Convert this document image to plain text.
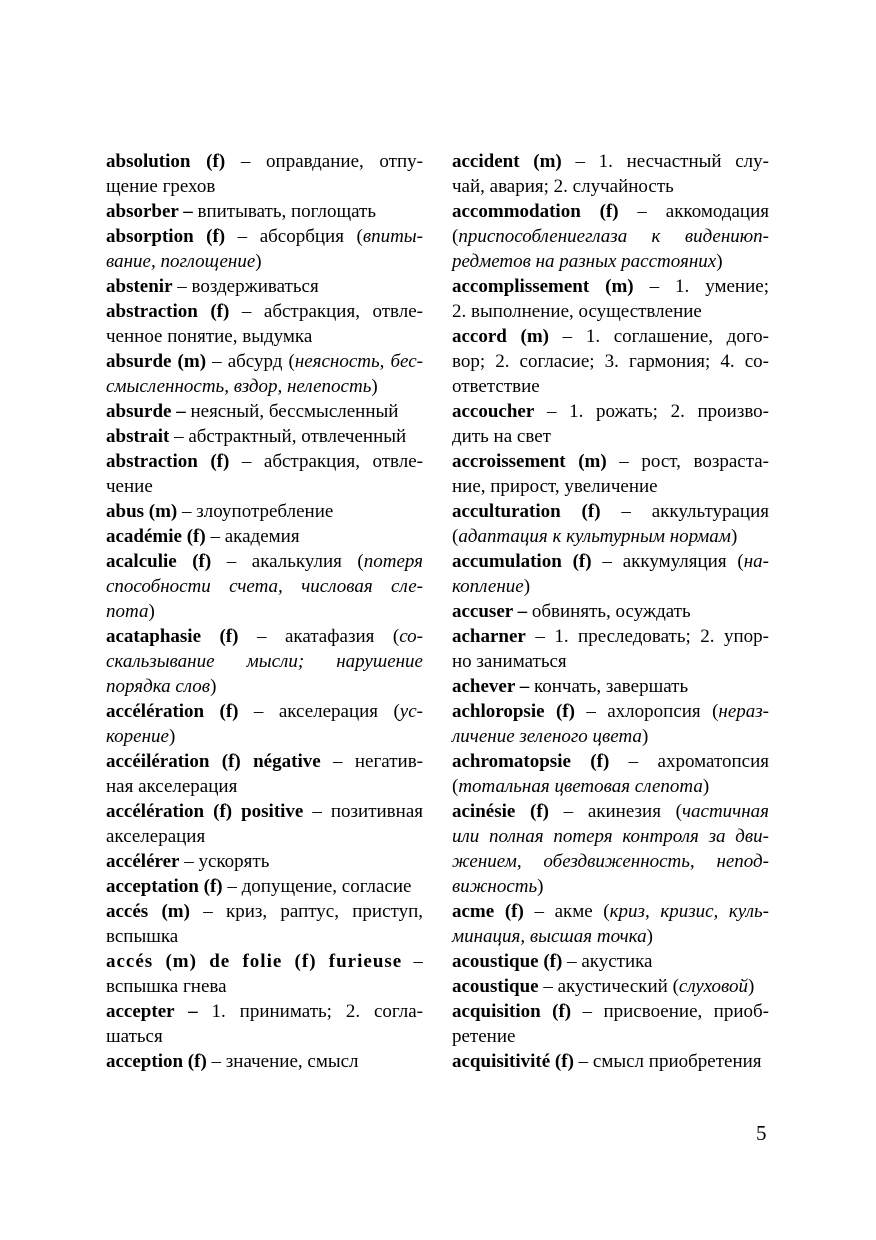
absolution (f) – оправдание, отпу-
щение грехов
absorber – впитывать, поглощать
absorption (f) – абсорбция (впиты-
вание, поглощение)
abstenir – воздерживаться
abstraction (f) – абстракция, отвле-
ченное понятие, выдумка
absurde (m) – абсурд (неясность, бес-
смысленность, вздор, нелепость)
absurde – неясный, бессмысленный
abstrait – абстрактный, отвлеченный
abstraction (f) – абстракция, отвле-
чение
abus (m) – злоупотребление
académie (f) – академия
acalculie (f) – акалькулия (потеря
способности счета, числовая сле-
пота)
acataphasie (f) – акатафазия (со-
скальзывание мысли; нарушение
порядка слов)
accélération (f) – акселерация (ус-
корение)
accéilération (f) négative – негатив-
ная акселерация
accélération (f) positive – позитивная
акселерация
accélérer – ускорять
acceptation (f) – допущение, согласие
accés (m) – криз, раптус, приступ,
вспышка
accés (m) de folie (f) furieuse –
вспышка гнева
accepter – 1. принимать; 2. согла-
шаться
acception (f) – значение, смысл
accident (m) – 1. несчастный слу-
чай, авария; 2. случайность
accommodation (f) – аккомодация
(приспособлениеглаза к видениюп-
редметов на разных расстояних)
accomplissement (m) – 1. умение;
2. выполнение, осуществление
accord (m) – 1. соглашение, дого-
вор; 2. согласие; 3. гармония; 4. со-
ответствие
accoucher – 1. рожать; 2. произво-
дить на свет
accroissement (m) – рост, возраста-
ние, прирост, увеличение
acculturation (f) – аккультурация
(адаптация к культурным нормам)
accumulation (f) – аккумуляция (на-
копление)
accuser – обвинять, осуждать
acharner – 1. преследовать; 2. упор-
но заниматься
achever – кончать, завершать
achloropsie (f) – ахлоропсия (нераз-
личение зеленого цвета)
achromatopsie (f) – ахроматопсия
(тотальная цветовая слепота)
acinésie (f) – акинезия (частичная
или полная потеря контроля за дви-
жением, обездвиженность, непод-
вижность)
acme (f) – акме (криз, кризис, куль-
минация, высшая точка)
acoustique (f) – акустика
acoustique – акустический (слуховой)
acquisition (f) – присвоение, приоб-
ретение
acquisitivité (f) – смысл приобретения
5
